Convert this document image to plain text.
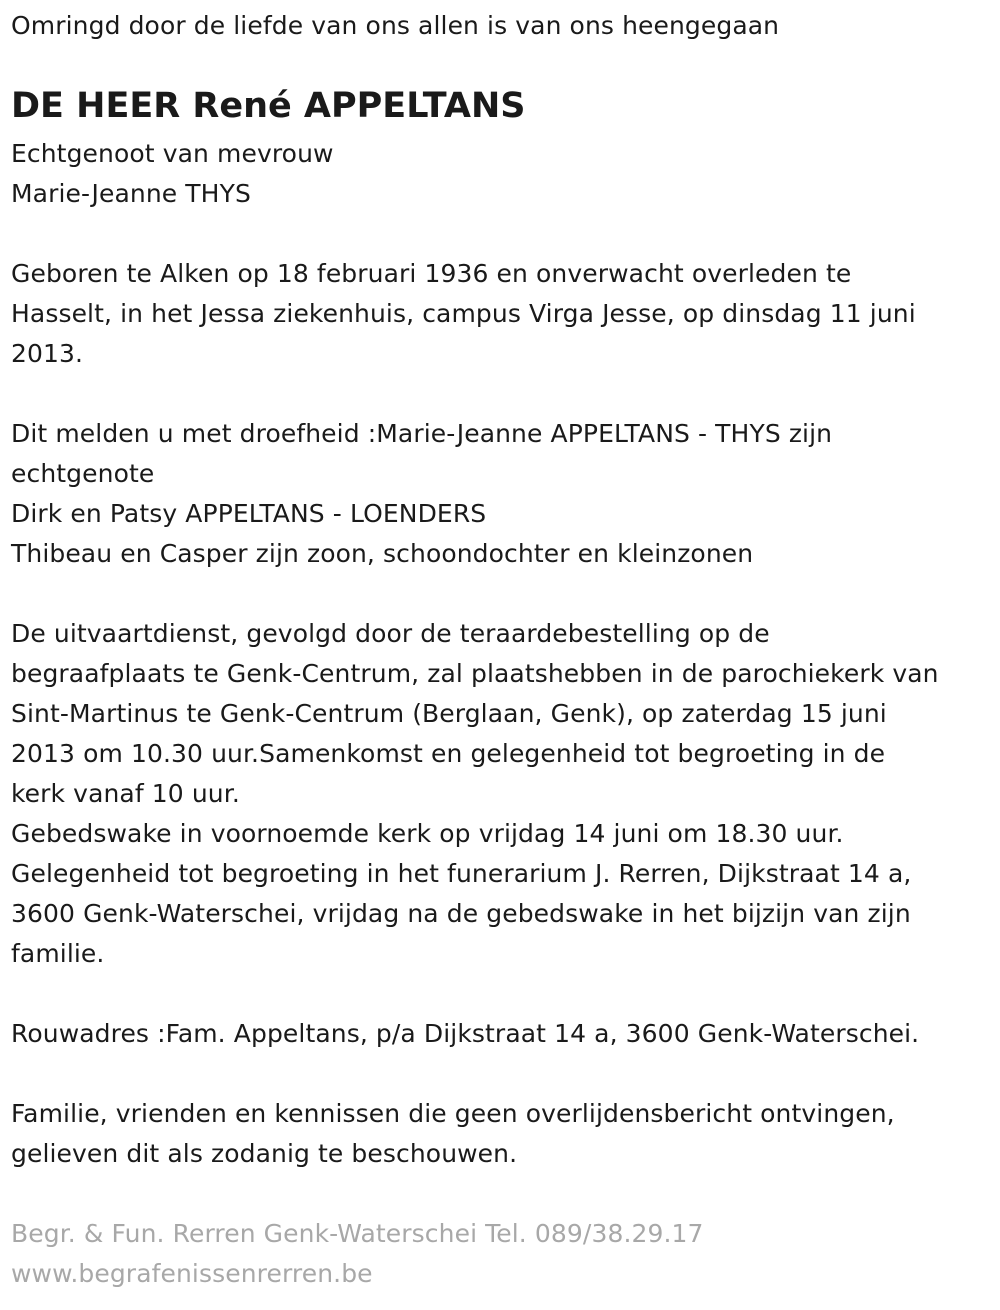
Omringd door de liefde van ons allen is van ons heengegaan

DE HEER René APPELTANS

Echtgenoot van mevrouw

Marie-Jeanne THYS

Geboren te Alken op 18 februari 1936 en onverwacht overleden te

Hasselt, in het Jessa ziekenhuis, campus Virga Jesse, op dinsdag 11 juni

2013.

Dit melden u met droefheid :Marie-Jeanne APPELTANS - THYS zijn

echtgenote

Dirk en Patsy APPELTANS - LOENDERS

Thibeau en Casper zijn zoon, schoondochter en kleinzonen

De uitvaartdienst, gevolgd door de teraardebestelling op de

begraafplaats te Genk-Centrum, zal plaatshebben in de parochiekerk van

Sint-Martinus te Genk-Centrum (Berglaan, Genk), op zaterdag 15 juni

2013 om 10.30 uur.Samenkomst en gelegenheid tot begroeting in de

kerk vanaf 10 uur.

Gebedswake in voornoemde kerk op vrijdag 14 juni om 18.30 uur.

Gelegenheid tot begroeting in het funerarium J. Rerren, Dijkstraat 14 a,

3600 Genk-Waterschei, vrijdag na de gebedswake in het bijzijn van zijn

familie.

Rouwadres :Fam. Appeltans, p/a Dijkstraat 14 a, 3600 Genk-Waterschei.

Familie, vrienden en kennissen die geen overlijdensbericht ontvingen,

gelieven dit als zodanig te beschouwen.

Begr. & Fun. Rerren Genk-Waterschei Tel. 089/38.29.17

www.begrafenissenrerren.be
